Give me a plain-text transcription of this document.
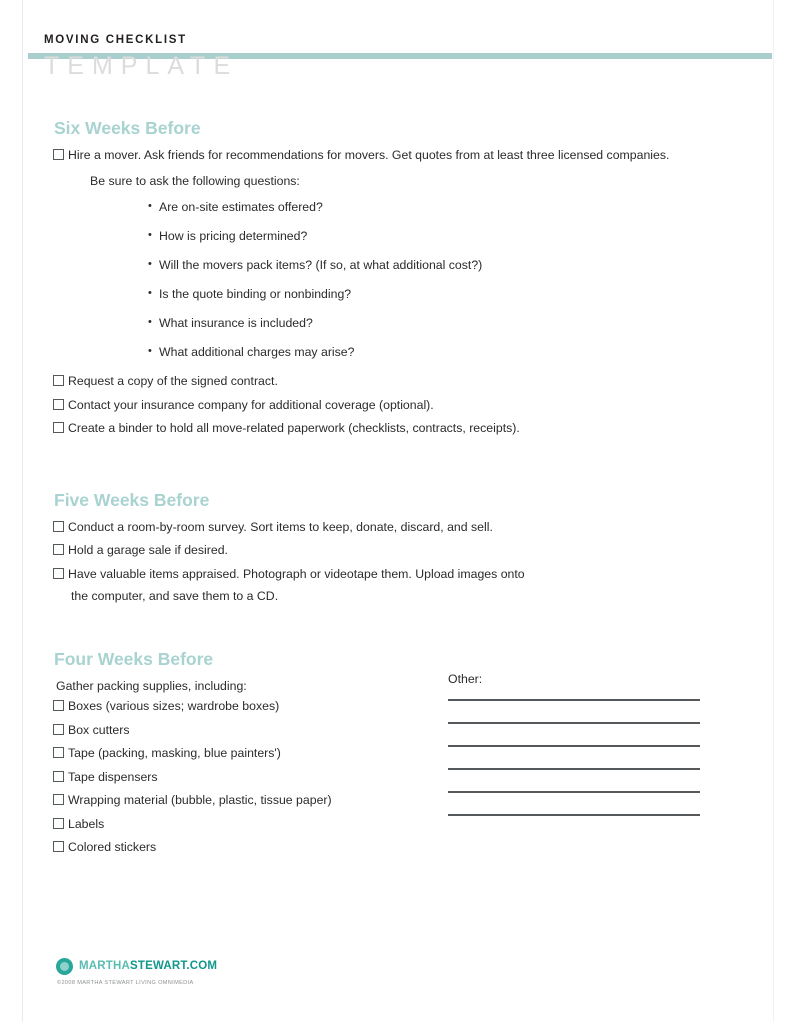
MOVING CHECKLIST
TEMPLATE
Six Weeks Before
Hire a mover. Ask friends for recommendations for movers. Get quotes from at least three licensed companies.
Be sure to ask the following questions:
• Are on-site estimates offered?
• How is pricing determined?
• Will the movers pack items? (If so, at what additional cost?)
• Is the quote binding or nonbinding?
• What insurance is included?
• What additional charges may arise?
Request a copy of the signed contract.
Contact your insurance company for additional coverage (optional).
Create a binder to hold all move-related paperwork (checklists, contracts, receipts).
Five Weeks Before
Conduct a room-by-room survey. Sort items to keep, donate, discard, and sell.
Hold a garage sale if desired.
Have valuable items appraised. Photograph or videotape them. Upload images onto
the computer, and save them to a CD.
Four Weeks Before
Gather packing supplies, including:
Boxes (various sizes; wardrobe boxes)
Box cutters
Tape (packing, masking, blue painters')
Tape dispensers
Wrapping material (bubble, plastic, tissue paper)
Labels
Colored stickers
Other:
MARTHASTEWART.COM
©2008 MARTHA STEWART LIVING OMNIMEDIA
